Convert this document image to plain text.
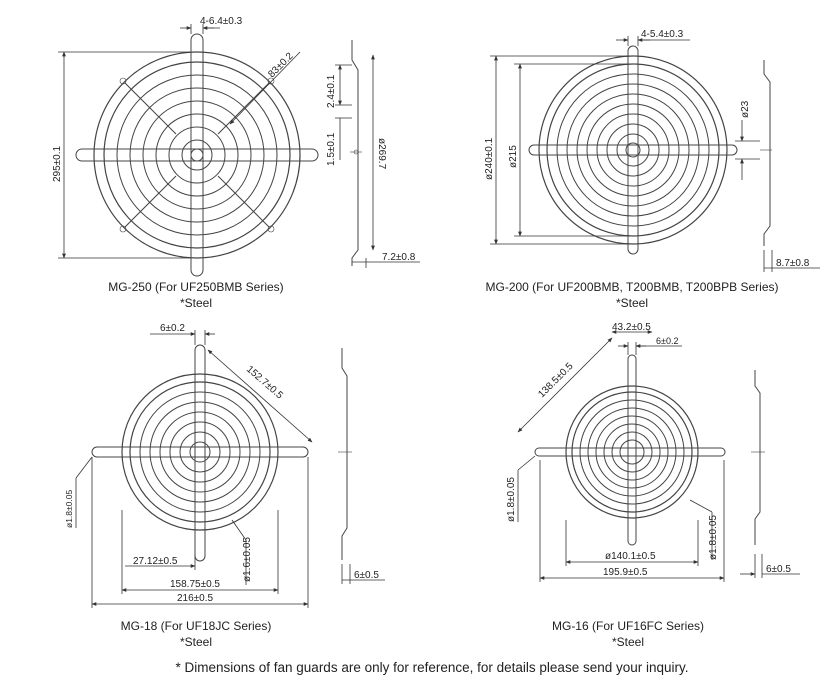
4-6.4±0.3
83±0.2
295±0.1
2.4±0.1
1.5±0.1	ø269.7
7.2±0.8
MG-250 (For UF250BMB Series)
*Steel
4-5.4±0.3
ø240±0.1 ø215
ø23
8.7±0.8
MG-200 (For UF200BMB, T200BMB, T200BPB Series)
*Steel
6±0.2
152.7±0.5
ø1.8±0.05
ø1.6±0.05
27.12±0.5
158.75±0.5
216±0.5
6±0.5
MG-18 (For UF18JC Series)
*Steel
43.2±0.5
6±0.2
138.5±0.5
ø1.8±0.05
ø1.8±0.05
ø140.1±0.5
195.9±0.5	6±0.5
MG-16 (For UF16FC Series)
*Steel
* Dimensions of fan guards are only for reference, for details please send your inquiry.
